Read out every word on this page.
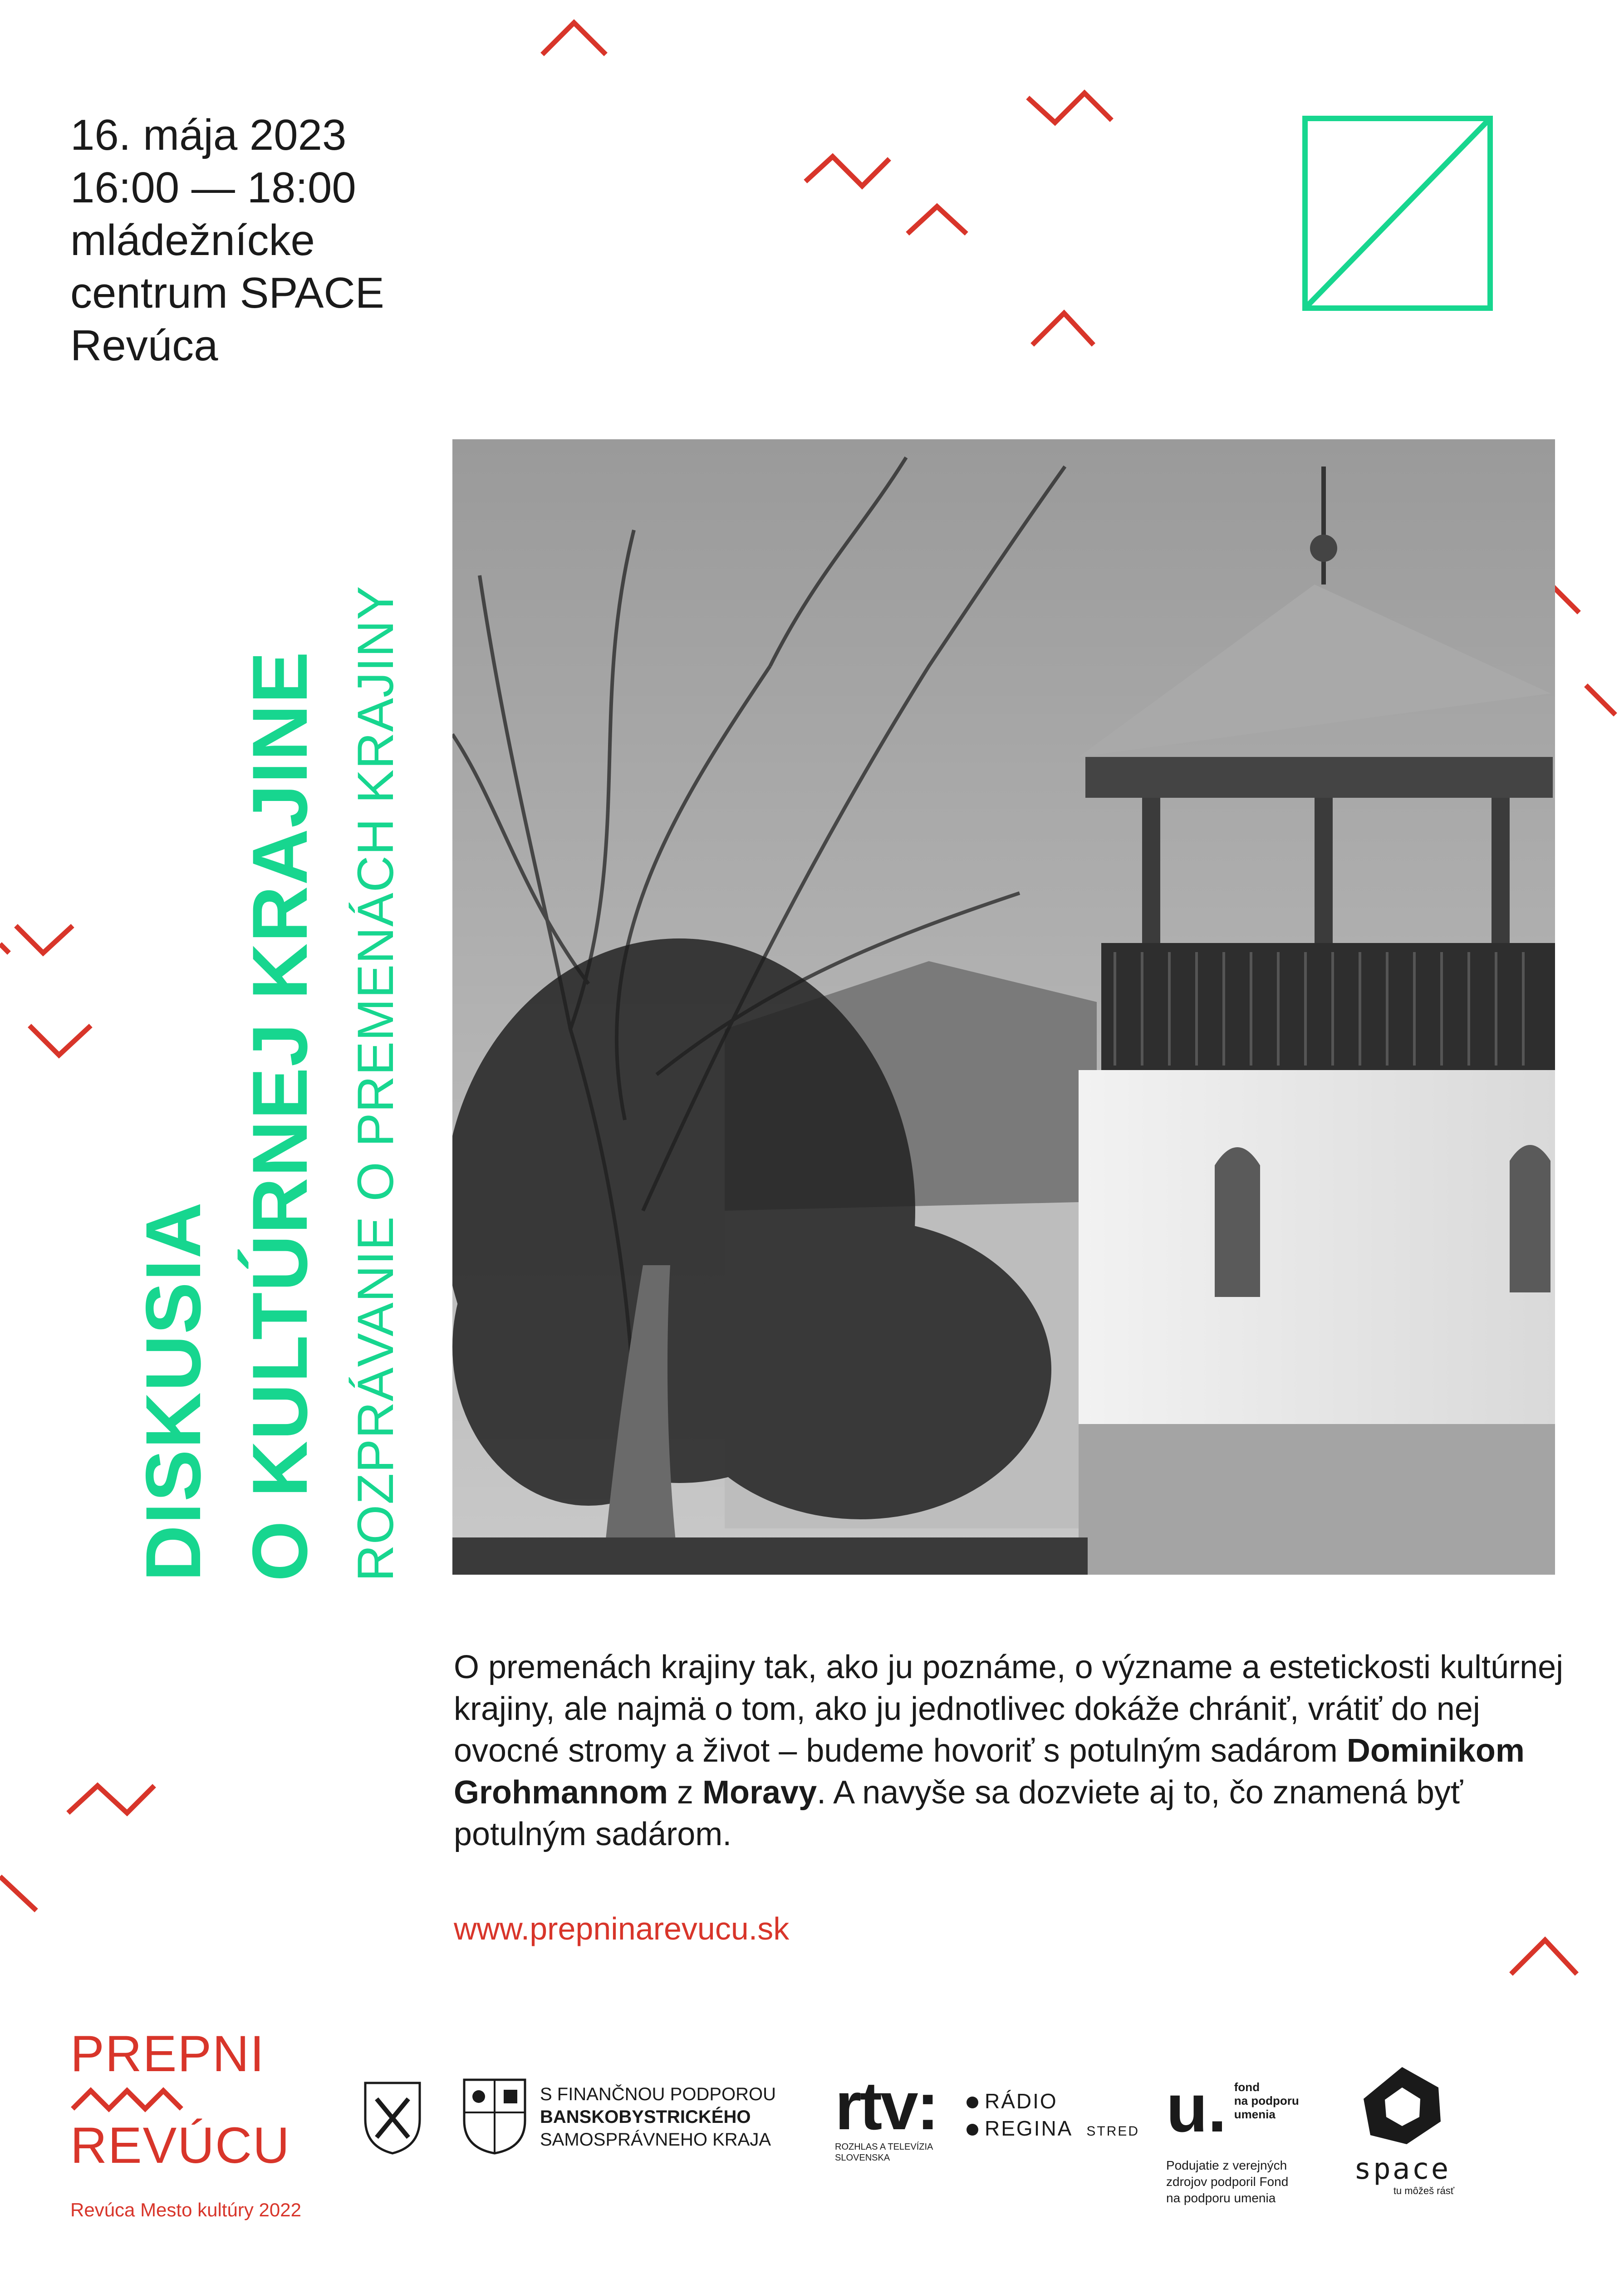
16. mája 2023
16:00 — 18:00
mládežnícke
centrum SPACE
Revúca
DISKUSIA O KULTÚRNEJ KRAJINE ROZPRÁVANIE O PREMENÁCH KRAJINY
O premenách krajiny tak, ako ju poznáme, o význame a estetickosti kultúrnej krajiny, ale najmä o tom, ako ju jednotlivec dokáže chrániť, vrátiť do nej ovocné stromy a život – budeme hovoriť s potulným sadárom Dominikom Grohmannom z Moravy. A navyše sa dozviete aj to, čo znamená byť potulným sadárom.
www.prepninarevucu.sk
PREPNI
REVÚCU
Revúca Mesto kultúry 2022
S FINANČNOU PODPOROU
BANSKOBYSTRICKÉHO
SAMOSPRÁVNEHO KRAJA rtv:
ROZHLAS A TELEVÍZIA
SLOVENSKA
RÁDIO
REGINA STRED u. fond
na podporu
umenia
Podujatie z verejných
zdrojov podporil Fond
na podporu umenia
space
tu môžeš rásť
